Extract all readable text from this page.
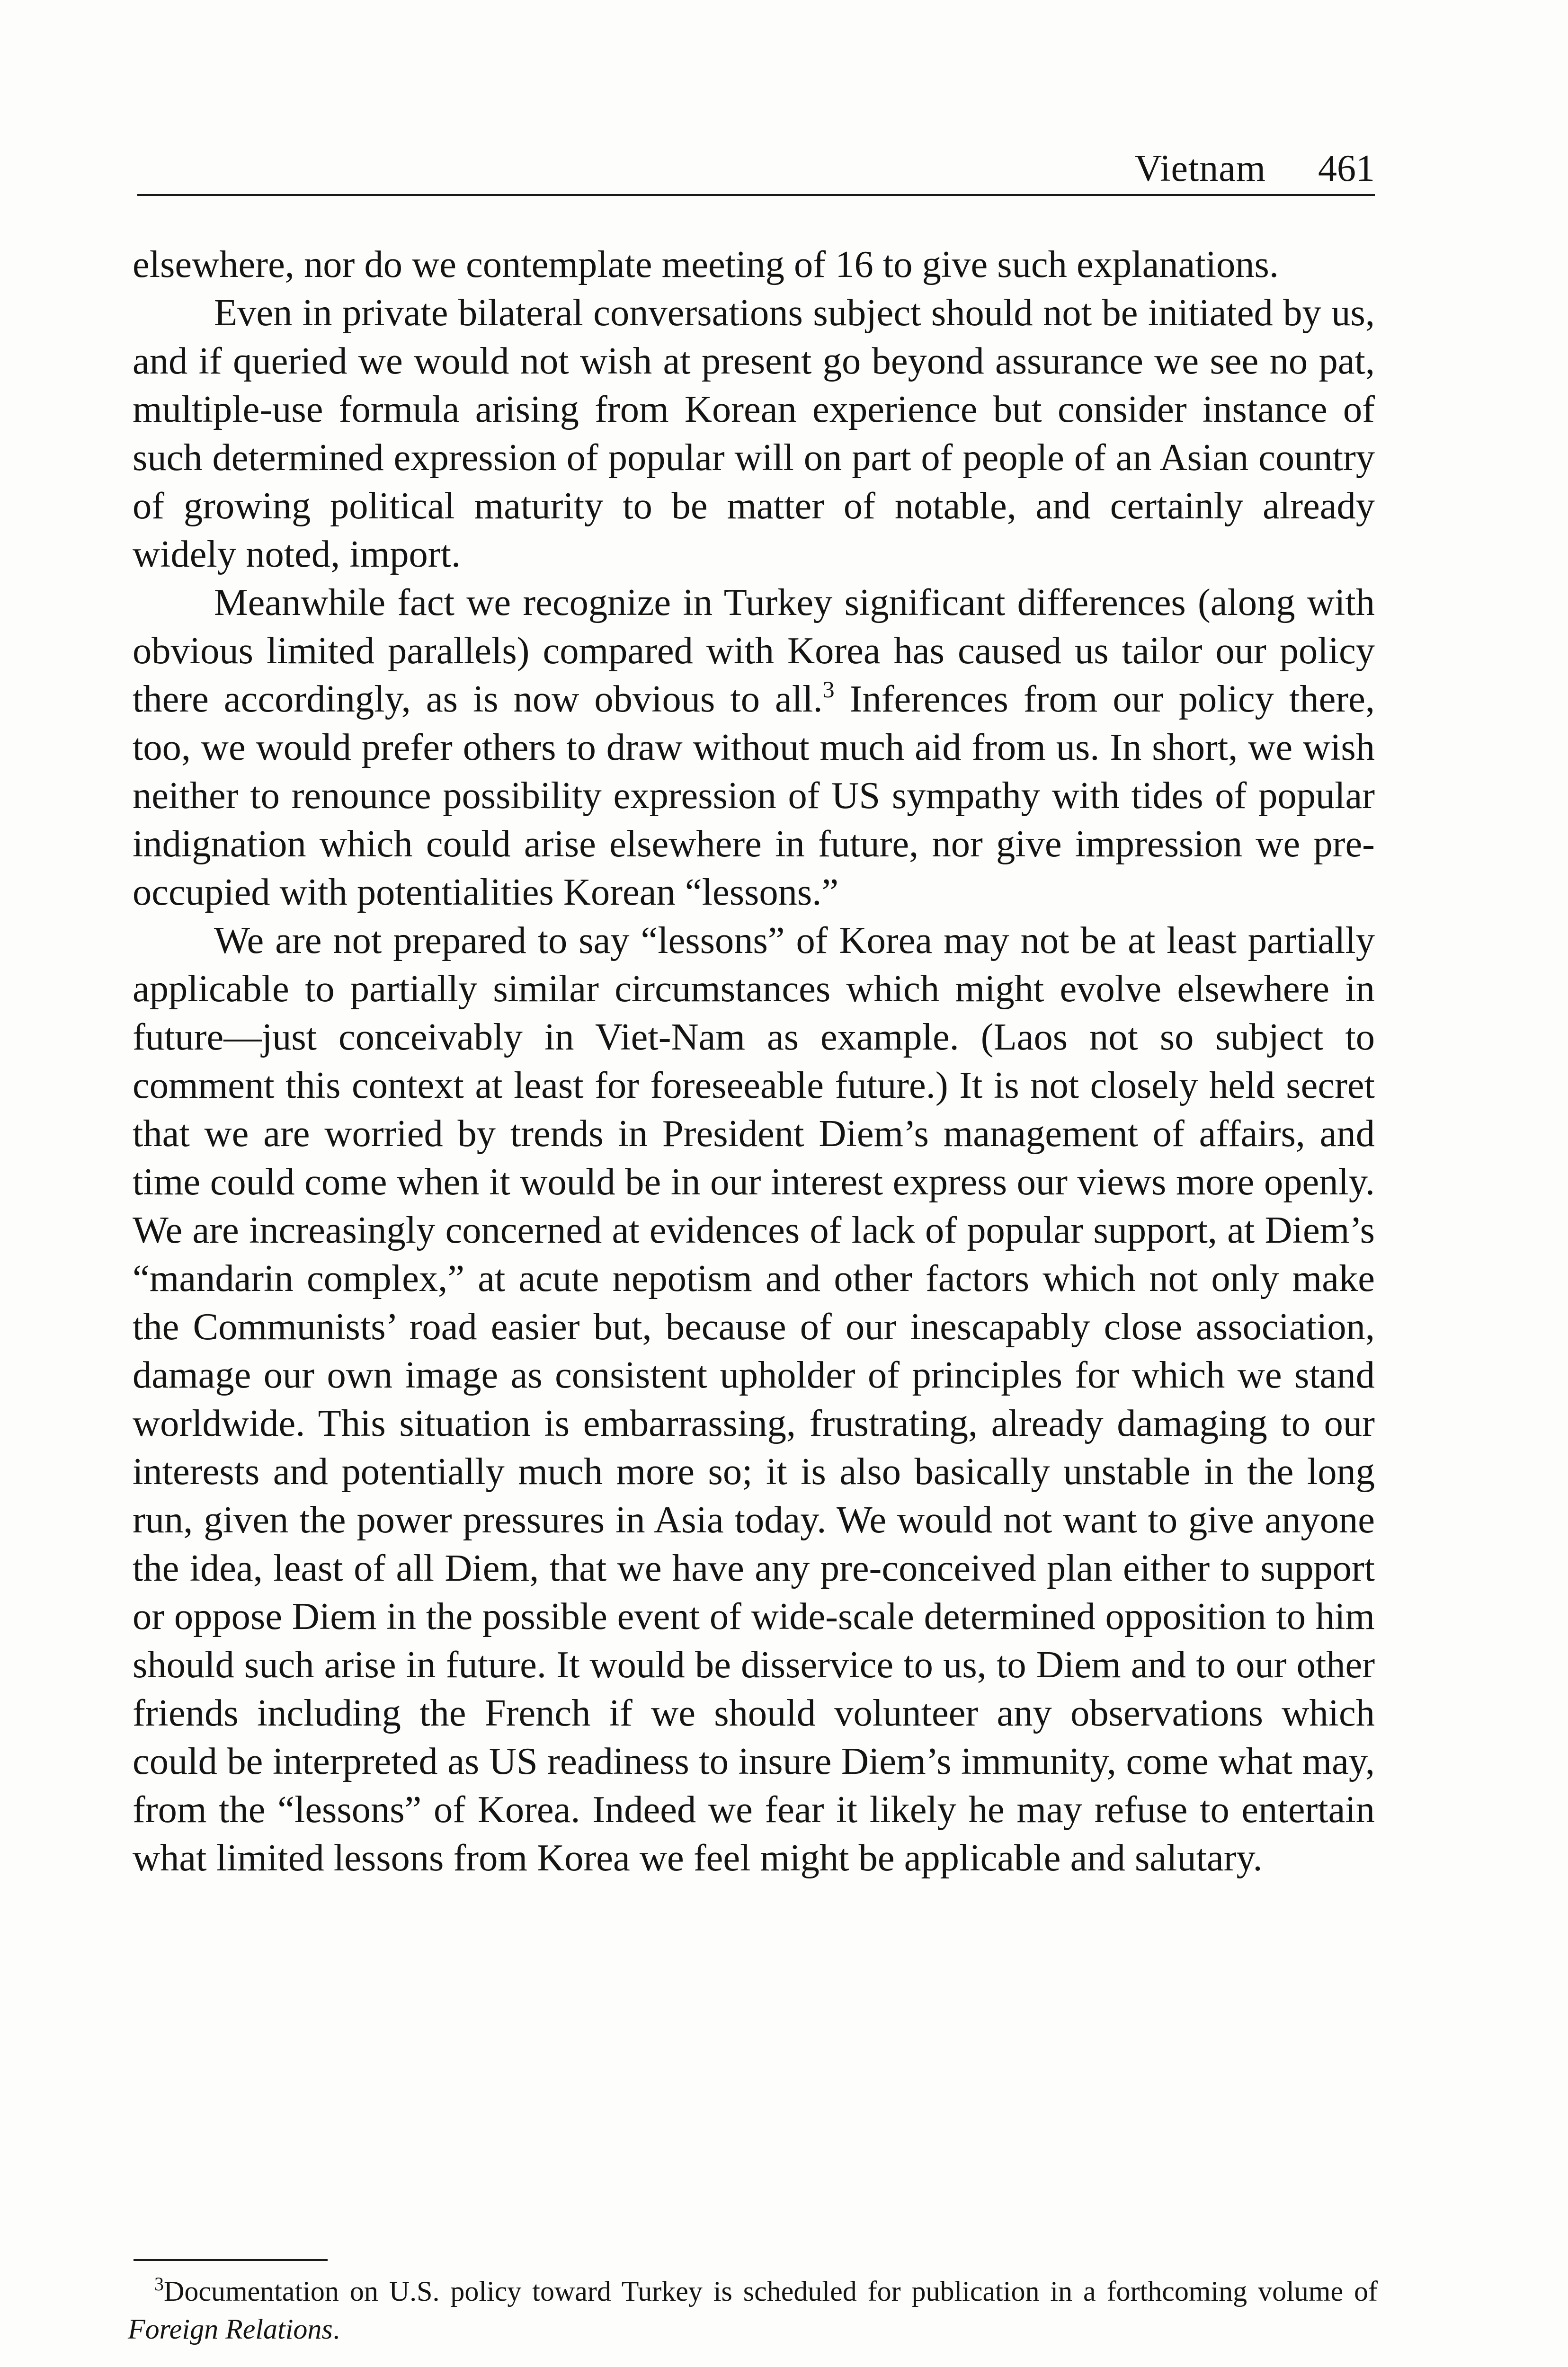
Vietnam 461

elsewhere, nor do we contemplate meeting of 16 to give such explanations.

Even in private bilateral conversations subject should not be initiated by us, and if queried we would not wish at present go beyond assurance we see no pat, multiple-use formula arising from Korean experience but consider instance of such determined expression of popular will on part of people of an Asian country of growing political maturity to be matter of notable, and certainly already widely noted, import.

Meanwhile fact we recognize in Turkey significant differences (along with obvious limited parallels) compared with Korea has caused us tailor our policy there accordingly, as is now obvious to all.$^3$ Inferences from our policy there, too, we would prefer others to draw without much aid from us. In short, we wish neither to renounce possibility expression of US sympathy with tides of popular indignation which could arise elsewhere in future, nor give impression we pre-occupied with potentialities Korean “lessons.”

We are not prepared to say “lessons” of Korea may not be at least partially applicable to partially similar circumstances which might evolve elsewhere in future—just conceivably in Viet-Nam as example. (Laos not so subject to comment this context at least for foreseeable future.) It is not closely held secret that we are worried by trends in President Diem’s management of affairs, and time could come when it would be in our interest express our views more openly. We are increasingly concerned at evidences of lack of popular support, at Diem’s “mandarin complex,” at acute nepotism and other factors which not only make the Communists’ road easier but, because of our inescapably close association, damage our own image as consistent upholder of principles for which we stand worldwide. This situation is embarrassing, frustrating, already damaging to our interests and potentially much more so; it is also basically unstable in the long run, given the power pressures in Asia today. We would not want to give anyone the idea, least of all Diem, that we have any pre-conceived plan either to support or oppose Diem in the possible event of wide-scale determined opposition to him should such arise in future. It would be disservice to us, to Diem and to our other friends including the French if we should volunteer any observations which could be interpreted as US readiness to insure Diem’s immunity, come what may, from the “lessons” of Korea. Indeed we fear it likely he may refuse to entertain what limited lessons from Korea we feel might be applicable and salutary.

$^3$Documentation on U.S. policy toward Turkey is scheduled for publication in a forthcoming volume of Foreign Relations.
